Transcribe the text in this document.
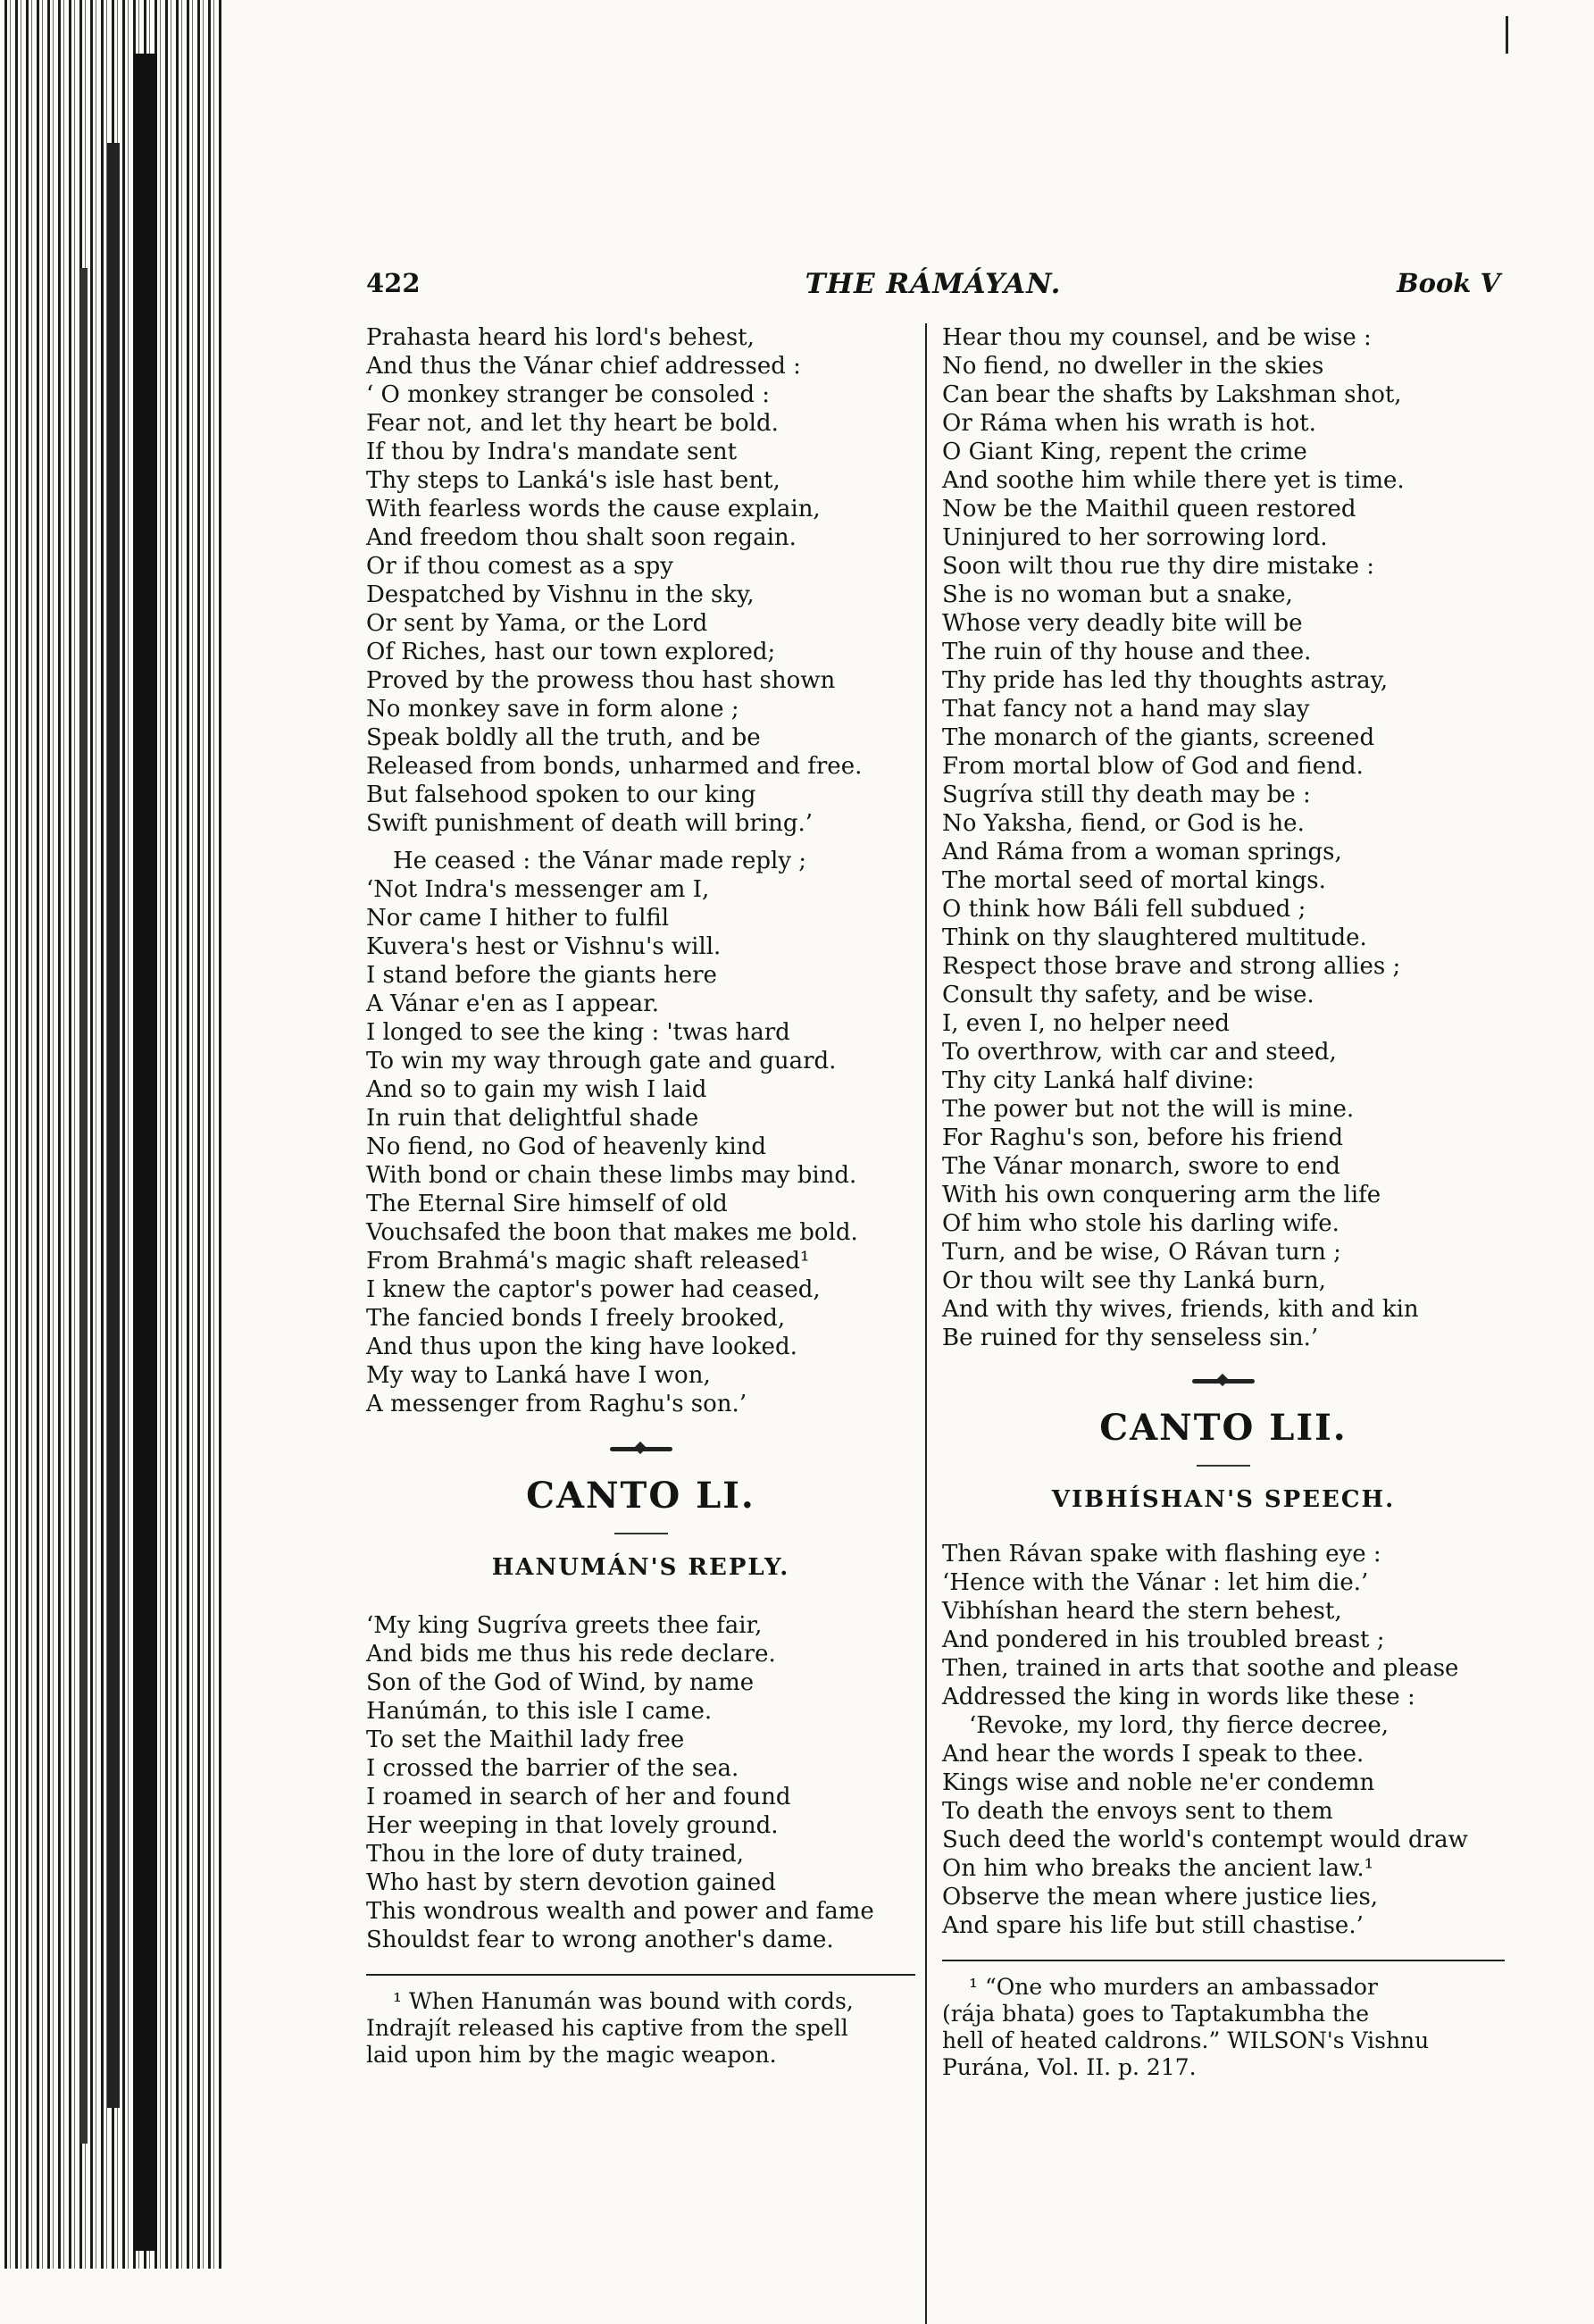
422	THE RÁMÁYAN.	Book V
Prahasta heard his lord's behest,
And thus the Vánar chief addressed :
‘ O monkey stranger be consoled :
Fear not, and let thy heart be bold.
If thou by Indra's mandate sent
Thy steps to Lanká's isle hast bent,
With fearless words the cause explain,
And freedom thou shalt soon regain.
Or if thou comest as a spy
Despatched by Vishnu in the sky,
Or sent by Yama, or the Lord
Of Riches, hast our town explored;
Proved by the prowess thou hast shown
No monkey save in form alone ;
Speak boldly all the truth, and be
Released from bonds, unharmed and free.
But falsehood spoken to our king
Swift punishment of death will bring.’
He ceased : the Vánar made reply ;
‘Not Indra's messenger am I,
Nor came I hither to fulfil
Kuvera's hest or Vishnu's will.
I stand before the giants here
A Vánar e'en as I appear.
I longed to see the king : 'twas hard
To win my way through gate and guard.
And so to gain my wish I laid
In ruin that delightful shade
No fiend, no God of heavenly kind
With bond or chain these limbs may bind.
The Eternal Sire himself of old
Vouchsafed the boon that makes me bold.
From Brahmá's magic shaft released¹
I knew the captor's power had ceased,
The fancied bonds I freely brooked,
And thus upon the king have looked.
My way to Lanká have I won,
A messenger from Raghu's son.’
CANTO LI.
HANUMÁN'S REPLY.
‘My king Sugríva greets thee fair,
And bids me thus his rede declare.
Son of the God of Wind, by name
Hanúmán, to this isle I came.
To set the Maithil lady free
I crossed the barrier of the sea.
I roamed in search of her and found
Her weeping in that lovely ground.
Thou in the lore of duty trained,
Who hast by stern devotion gained
This wondrous wealth and power and fame
Shouldst fear to wrong another's dame.
¹ When Hanumán was bound with cords,
Indrajít released his captive from the spell
laid upon him by the magic weapon.
Hear thou my counsel, and be wise :
No fiend, no dweller in the skies
Can bear the shafts by Lakshman shot,
Or Ráma when his wrath is hot.
O Giant King, repent the crime
And soothe him while there yet is time.
Now be the Maithil queen restored
Uninjured to her sorrowing lord.
Soon wilt thou rue thy dire mistake :
She is no woman but a snake,
Whose very deadly bite will be
The ruin of thy house and thee.
Thy pride has led thy thoughts astray,
That fancy not a hand may slay
The monarch of the giants, screened
From mortal blow of God and fiend.
Sugríva still thy death may be :
No Yaksha, fiend, or God is he.
And Ráma from a woman springs,
The mortal seed of mortal kings.
O think how Báli fell subdued ;
Think on thy slaughtered multitude.
Respect those brave and strong allies ;
Consult thy safety, and be wise.
I, even I, no helper need
To overthrow, with car and steed,
Thy city Lanká half divine:
The power but not the will is mine.
For Raghu's son, before his friend
The Vánar monarch, swore to end
With his own conquering arm the life
Of him who stole his darling wife.
Turn, and be wise, O Rávan turn ;
Or thou wilt see thy Lanká burn,
And with thy wives, friends, kith and kin
Be ruined for thy senseless sin.’
CANTO LII.
VIBHÍSHAN'S SPEECH.
Then Rávan spake with flashing eye :
‘Hence with the Vánar : let him die.’
Vibhíshan heard the stern behest,
And pondered in his troubled breast ;
Then, trained in arts that soothe and please
Addressed the king in words like these :
‘Revoke, my lord, thy fierce decree,
And hear the words I speak to thee.
Kings wise and noble ne'er condemn
To death the envoys sent to them
Such deed the world's contempt would draw
On him who breaks the ancient law.¹
Observe the mean where justice lies,
And spare his life but still chastise.’
¹ “One who murders an ambassador
(rája bhata) goes to Taptakumbha the
hell of heated caldrons.” WILSON's Vishnu
Purána, Vol. II. p. 217.
